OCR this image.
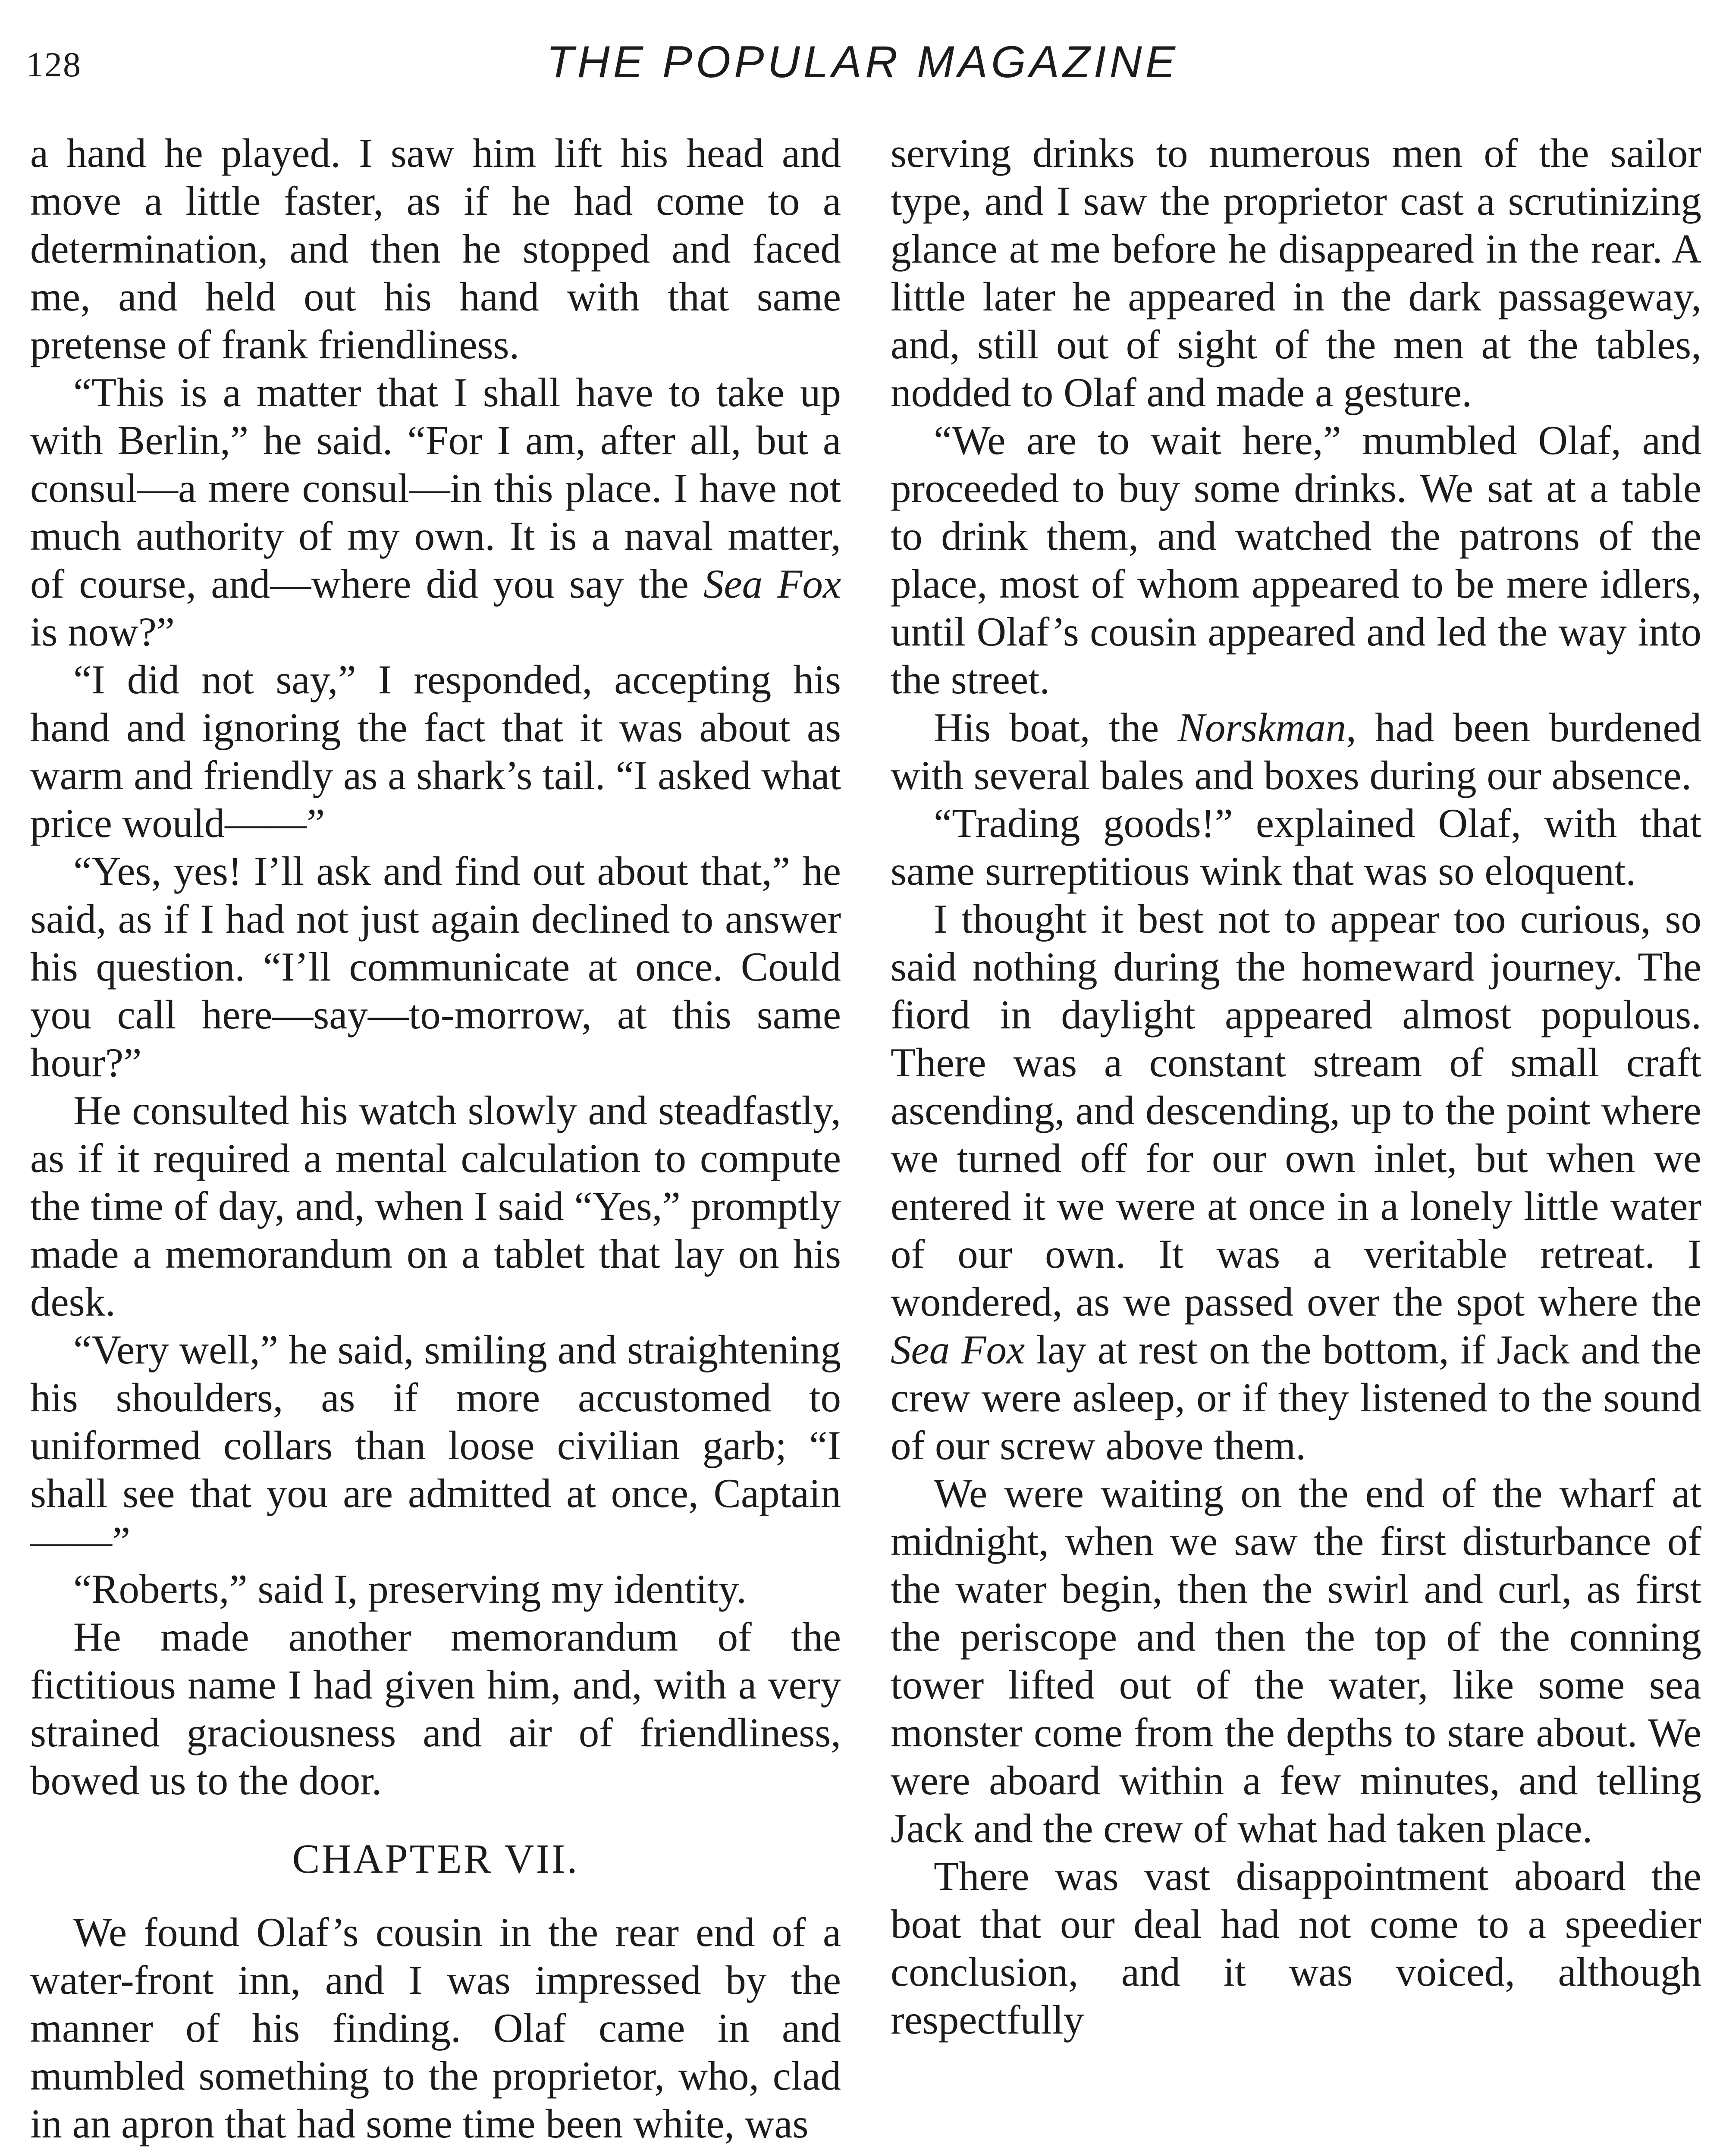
128	THE POPULAR MAGAZINE

a hand he played. I saw him lift his head and move a little faster, as if he had come to a determination, and then he stopped and faced me, and held out his hand with that same pretense of frank friendliness.

“This is a matter that I shall have to take up with Berlin,” he said. “For I am, after all, but a consul—a mere consul—in this place. I have not much authority of my own. It is a naval matter, of course, and—where did you say the Sea Fox is now?”

“I did not say,” I responded, accepting his hand and ignoring the fact that it was about as warm and friendly as a shark’s tail. “I asked what price would——”

“Yes, yes! I’ll ask and find out about that,” he said, as if I had not just again declined to answer his question. “I’ll communicate at once. Could you call here—say—to-morrow, at this same hour?”

He consulted his watch slowly and steadfastly, as if it required a mental calculation to compute the time of day, and, when I said “Yes,” promptly made a memorandum on a tablet that lay on his desk.

“Very well,” he said, smiling and straightening his shoulders, as if more accustomed to uniformed collars than loose civilian garb; “I shall see that you are admitted at once, Captain——”

“Roberts,” said I, preserving my identity.

He made another memorandum of the fictitious name I had given him, and, with a very strained graciousness and air of friendliness, bowed us to the door.

CHAPTER VII.

We found Olaf’s cousin in the rear end of a water-front inn, and I was impressed by the manner of his finding. Olaf came in and mumbled something to the proprietor, who, clad in an apron that had some time been white, was

serving drinks to numerous men of the sailor type, and I saw the proprietor cast a scrutinizing glance at me before he disappeared in the rear. A little later he appeared in the dark passageway, and, still out of sight of the men at the tables, nodded to Olaf and made a gesture.

“We are to wait here,” mumbled Olaf, and proceeded to buy some drinks. We sat at a table to drink them, and watched the patrons of the place, most of whom appeared to be mere idlers, until Olaf’s cousin appeared and led the way into the street.

His boat, the Norskman, had been burdened with several bales and boxes during our absence.

“Trading goods!” explained Olaf, with that same surreptitious wink that was so eloquent.

I thought it best not to appear too curious, so said nothing during the homeward journey. The fiord in daylight appeared almost populous. There was a constant stream of small craft ascending, and descending, up to the point where we turned off for our own inlet, but when we entered it we were at once in a lonely little water of our own. It was a veritable retreat. I wondered, as we passed over the spot where the Sea Fox lay at rest on the bottom, if Jack and the crew were asleep, or if they listened to the sound of our screw above them.

We were waiting on the end of the wharf at midnight, when we saw the first disturbance of the water begin, then the swirl and curl, as first the periscope and then the top of the conning tower lifted out of the water, like some sea monster come from the depths to stare about. We were aboard within a few minutes, and telling Jack and the crew of what had taken place.

There was vast disappointment aboard the boat that our deal had not come to a speedier conclusion, and it was voiced, although respectfully
